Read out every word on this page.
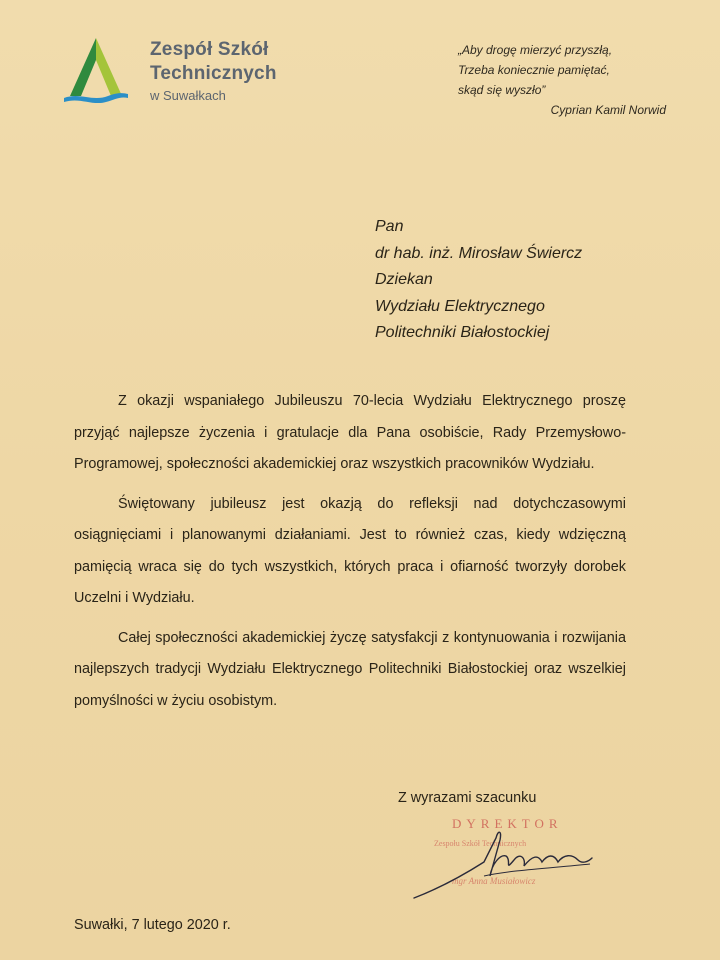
Zespół Szkół
Technicznych
w Suwałkach
„Aby drogę mierzyć przyszłą,
Trzeba koniecznie pamiętać,
skąd się wyszło”
Cyprian Kamil Norwid
Pan
dr hab. inż. Mirosław Świercz
Dziekan
Wydziału Elektrycznego
Politechniki Białostockiej

Z okazji wspaniałego Jubileuszu 70-lecia Wydziału Elektrycznego proszę przyjąć najlepsze życzenia i gratulacje dla Pana osobiście, Rady Przemysłowo-Programowej, społeczności akademickiej oraz wszystkich pracowników Wydziału.

Świętowany jubileusz jest okazją do refleksji nad dotychczasowymi osiągnięciami i planowanymi działaniami. Jest to również czas, kiedy wdzięczną pamięcią wraca się do tych wszystkich, których praca i ofiarność tworzyły dorobek Uczelni i Wydziału.

Całej społeczności akademickiej życzę satysfakcji z kontynuowania i rozwijania najlepszych tradycji Wydziału Elektrycznego Politechniki Białostockiej oraz wszelkiej pomyślności w życiu osobistym.

Z wyrazami szacunku
DYREKTOR
Zespołu Szkół Technicznych
mgr Anna Musiałowicz
Suwałki, 7 lutego 2020 r.
